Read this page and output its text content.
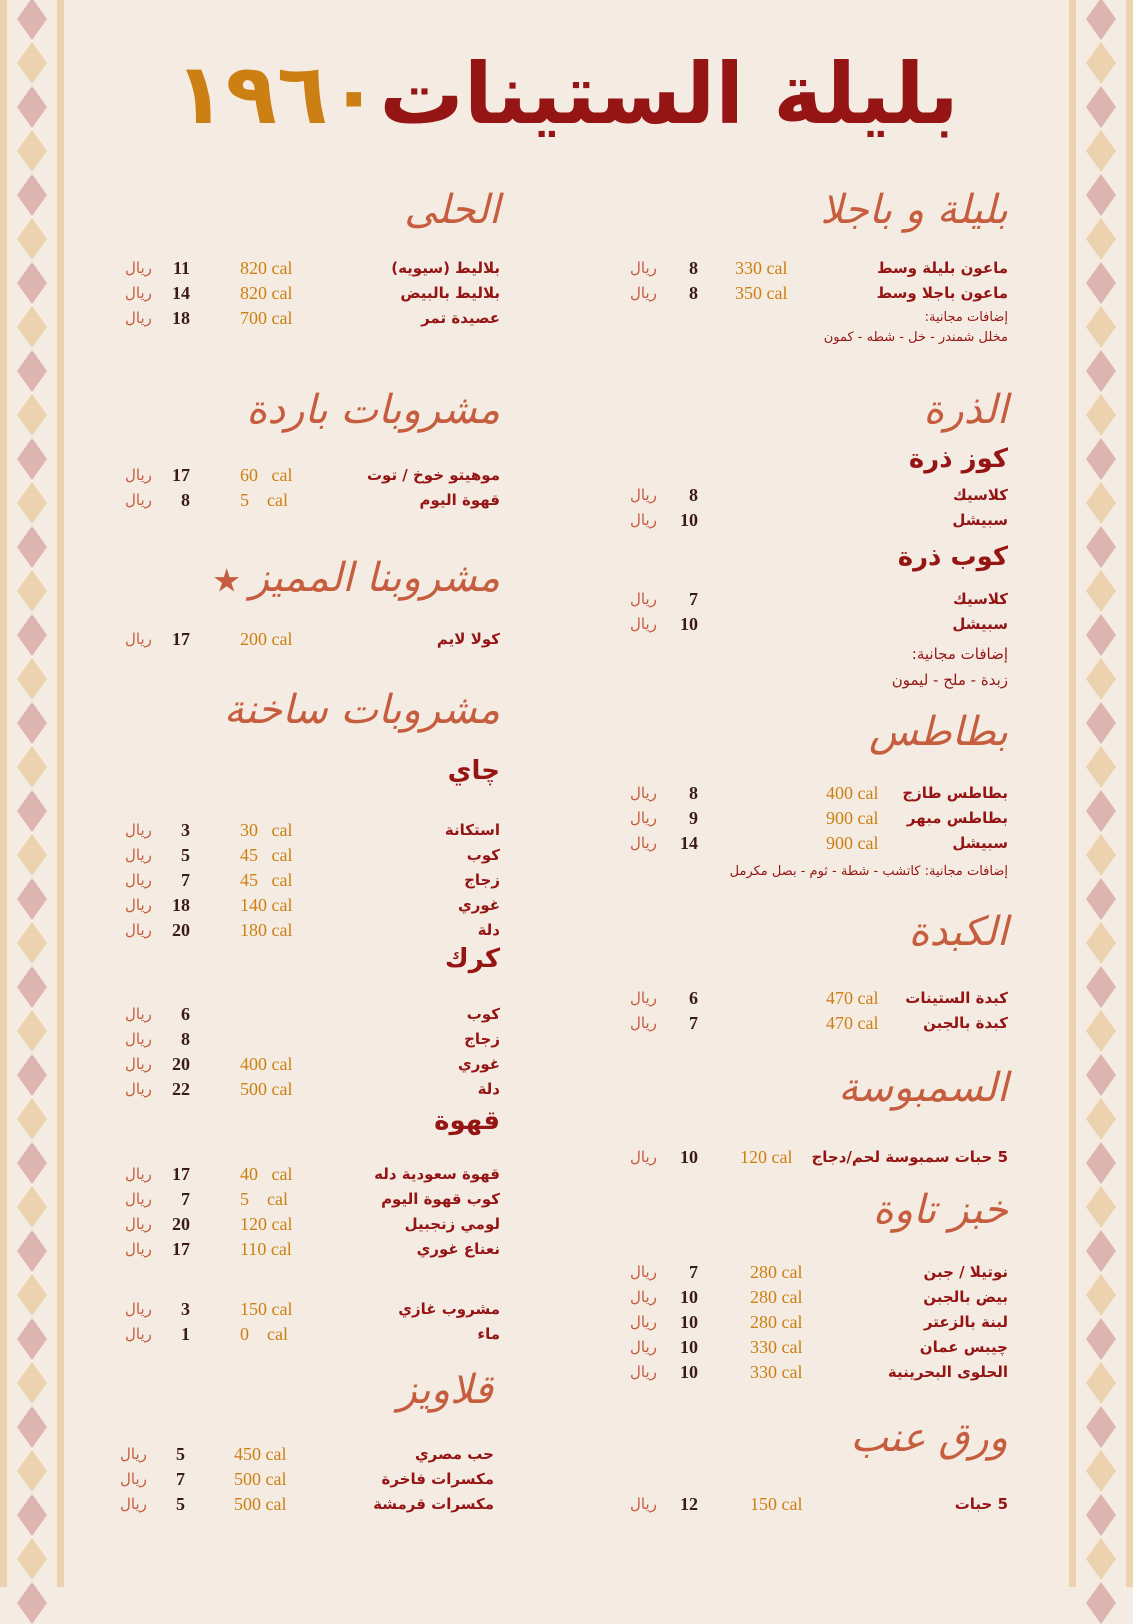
بليلة الستينات١٩٦٠
بليلة و باجلا
ماعون بليلة وسط
330 cal
8
ريال
ماعون باجلا وسط
350 cal
8
ريال
إضافات مجانية:
مخلل شمندر - خل - شطه - كمون
الذرة
كوز ذرة
كلاسيك
8
ريال
سبيشل
10
ريال
كوب ذرة
كلاسيك
7
ريال
سبيشل
10
ريال
إضافات مجانية:
زبدة - ملح - ليمون
بطاطس
بطاطس طازج
400 cal
8
ريال
بطاطس مبهر
900 cal
9
ريال
سبيشل
900 cal
14
ريال
إضافات مجانية: كاتشب - شطة - ثوم - بصل مكرمل
الكبدة
كبدة الستينات
470 cal
6
ريال
كبدة بالجبن
470 cal
7
ريال
السمبوسة
5 حبات سمبوسة لحم/دجاج
120 cal
10
ريال
خبز تاوة
نوتيلا / جبن
280 cal
7
ريال
بيض بالجبن
280 cal
10
ريال
لبنة بالزعتر
280 cal
10
ريال
چيبس عمان
330 cal
10
ريال
الحلوى البحرينية
330 cal
10
ريال
ورق عنب
5 حبات
150 cal
12
ريال
الحلى
بلاليط (سيويه)
820 cal
11
ريال
بلاليط بالبيض
820 cal
14
ريال
عصيدة تمر
700 cal
18
ريال
مشروبات باردة
موهيتو خوخ / توت
60   cal
17
ريال
قهوة اليوم
5    cal
8
ريال
مشروبنا المميز
كولا لايم
200 cal
17
ريال
مشروبات ساخنة
چاي
استكانة
30   cal
3
ريال
كوب
45   cal
5
ريال
زجاج
45   cal
7
ريال
غوري
140 cal
18
ريال
دلة
180 cal
20
ريال
كرك
كوب
6
ريال
زجاج
8
ريال
غوري
400 cal
20
ريال
دلة
500 cal
22
ريال
قهوة
قهوة سعودية دله
40   cal
17
ريال
كوب قهوة اليوم
5    cal
7
ريال
لومي زنجبيل
120 cal
20
ريال
نعناع غوري
110 cal
17
ريال
مشروب غازي
150 cal
3
ريال
ماء
0    cal
1
ريال
قلاويز
حب مصري
450 cal
5
ريال
مكسرات فاخرة
500 cal
7
ريال
مكسرات قرمشة
500 cal
5
ريال
